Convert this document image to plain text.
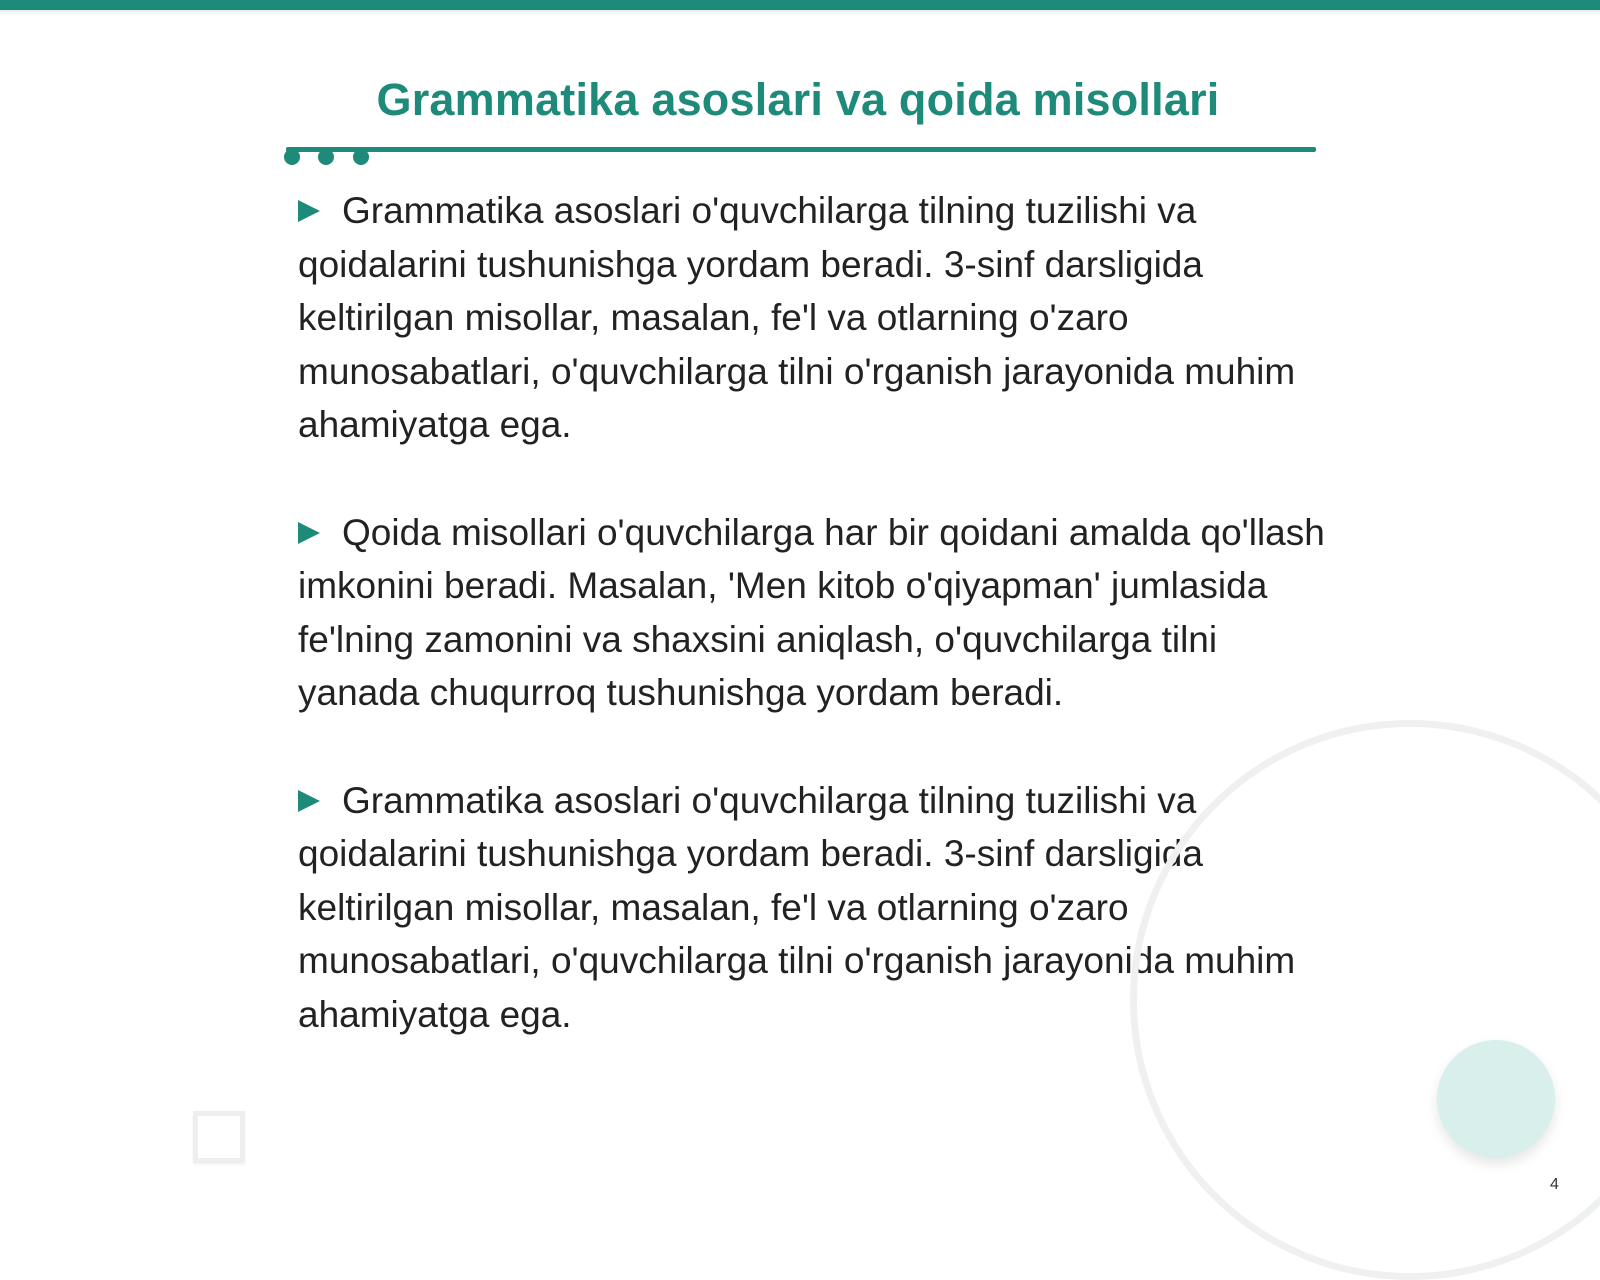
Grammatika asoslari va qoida misollari
Grammatika asoslari o'quvchilarga tilning tuzilishi va qoidalarini tushunishga yordam beradi. 3-sinf darsligida keltirilgan misollar, masalan, fe'l va otlarning o'zaro munosabatlari, o'quvchilarga tilni o'rganish jarayonida muhim ahamiyatga ega.
Qoida misollari o'quvchilarga har bir qoidani amalda qo'llash imkonini beradi. Masalan, 'Men kitob o'qiyapman' jumlasida fe'lning zamonini va shaxsini aniqlash, o'quvchilarga tilni yanada chuqurroq tushunishga yordam beradi.
Grammatika asoslari o'quvchilarga tilning tuzilishi va qoidalarini tushunishga yordam beradi. 3-sinf darsligida keltirilgan misollar, masalan, fe'l va otlarning o'zaro munosabatlari, o'quvchilarga tilni o'rganish jarayonida muhim ahamiyatga ega.
4
